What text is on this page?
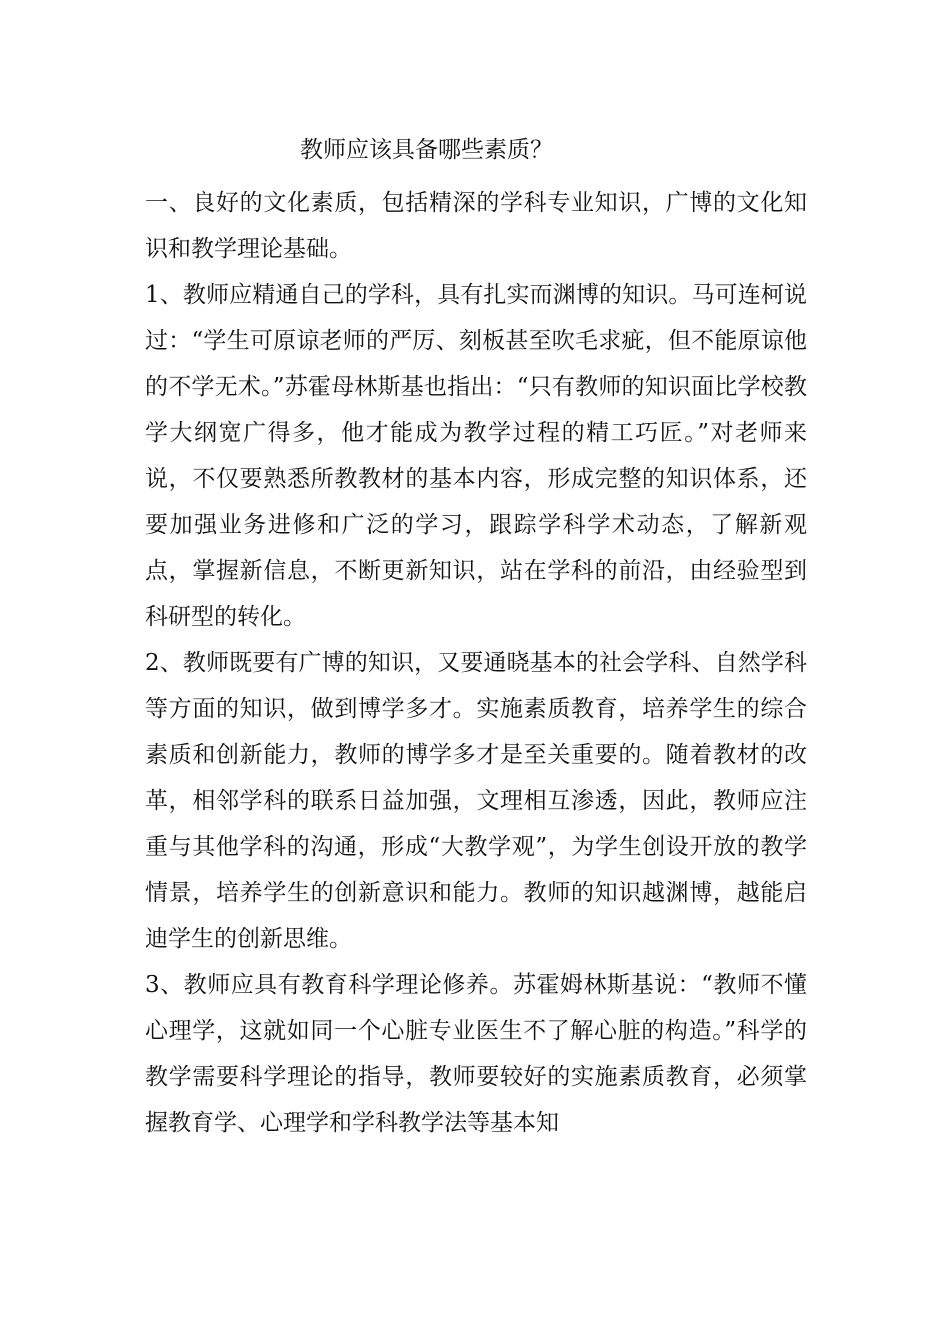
教师应该具备哪些素质？

一、良好的文化素质，包括精深的学科专业知识，广博的文化知识和教学理论基础。

1、教师应精通自己的学科，具有扎实而渊博的知识。马可连柯说过：“学生可原谅老师的严厉、刻板甚至吹毛求疵，但不能原谅他的不学无术。”苏霍母林斯基也指出：“只有教师的知识面比学校教学大纲宽广得多，他才能成为教学过程的精工巧匠。”对老师来说，不仅要熟悉所教教材的基本内容，形成完整的知识体系，还要加强业务进修和广泛的学习，跟踪学科学术动态，了解新观点，掌握新信息，不断更新知识，站在学科的前沿，由经验型到科研型的转化。

2、教师既要有广博的知识，又要通晓基本的社会学科、自然学科等方面的知识，做到博学多才。实施素质教育，培养学生的综合素质和创新能力，教师的博学多才是至关重要的。随着教材的改革，相邻学科的联系日益加强，文理相互渗透，因此，教师应注重与其他学科的沟通，形成“大教学观”，为学生创设开放的教学情景，培养学生的创新意识和能力。教师的知识越渊博，越能启迪学生的创新思维。

3、教师应具有教育科学理论修养。苏霍姆林斯基说：“教师不懂心理学，这就如同一个心脏专业医生不了解心脏的构造。”科学的教学需要科学理论的指导，教师要较好的实施素质教育，必须掌握教育学、心理学和学科教学法等基本知
